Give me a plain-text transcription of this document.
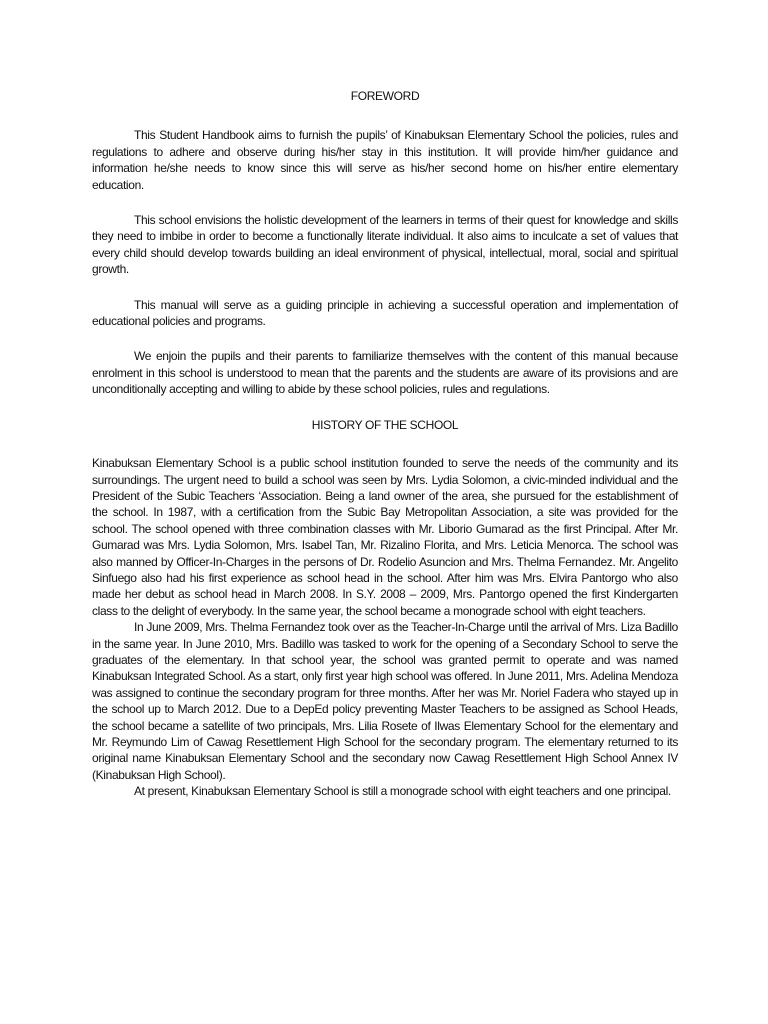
FOREWORD

This Student Handbook aims to furnish the pupils’ of Kinabuksan Elementary School the policies, rules and regulations to adhere and observe during his/her stay in this institution. It will provide him/her guidance and information he/she needs to know since this will serve as his/her second home on his/her entire elementary education.

This school envisions the holistic development of the learners in terms of their quest for knowledge and skills they need to imbibe in order to become a functionally literate individual. It also aims to inculcate a set of values that every child should develop towards building an ideal environment of physical, intellectual, moral, social and spiritual growth.

This manual will serve as a guiding principle in achieving a successful operation and implementation of educational policies and programs.

We enjoin the pupils and their parents to familiarize themselves with the content of this manual because enrolment in this school is understood to mean that the parents and the students are aware of its provisions and are unconditionally accepting and willing to abide by these school policies, rules and regulations.

HISTORY OF THE SCHOOL

Kinabuksan Elementary School is a public school institution founded to serve the needs of the community and its surroundings. The urgent need to build a school was seen by Mrs. Lydia Solomon, a civic-minded individual and the President of the Subic Teachers ‘Association. Being a land owner of the area, she pursued for the establishment of the school. In 1987, with a certification from the Subic Bay Metropolitan Association, a site was provided for the school. The school opened with three combination classes with Mr. Liborio Gumarad as the first Principal. After Mr. Gumarad was Mrs. Lydia Solomon, Mrs. Isabel Tan, Mr. Rizalino Florita, and Mrs. Leticia Menorca. The school was also manned by Officer-In-Charges in the persons of Dr. Rodelio Asuncion and Mrs. Thelma Fernandez. Mr. Angelito Sinfuego also had his first experience as school head in the school. After him was Mrs. Elvira Pantorgo who also made her debut as school head in March 2008. In S.Y. 2008 – 2009, Mrs. Pantorgo opened the first Kindergarten class to the delight of everybody. In the same year, the school became a monograde school with eight teachers.

In June 2009, Mrs. Thelma Fernandez took over as the Teacher-In-Charge until the arrival of Mrs. Liza Badillo in the same year. In June 2010, Mrs. Badillo was tasked to work for the opening of a Secondary School to serve the graduates of the elementary. In that school year, the school was granted permit to operate and was named Kinabuksan Integrated School. As a start, only first year high school was offered. In June 2011, Mrs. Adelina Mendoza was assigned to continue the secondary program for three months. After her was Mr. Noriel Fadera who stayed up in the school up to March 2012. Due to a DepEd policy preventing Master Teachers to be assigned as School Heads, the school became a satellite of two principals, Mrs. Lilia Rosete of Ilwas Elementary School for the elementary and Mr. Reymundo Lim of Cawag Resettlement High School for the secondary program. The elementary returned to its original name Kinabuksan Elementary School and the secondary now Cawag Resettlement High School Annex IV (Kinabuksan High School).

At present, Kinabuksan Elementary School is still a monograde school with eight teachers and one principal.
